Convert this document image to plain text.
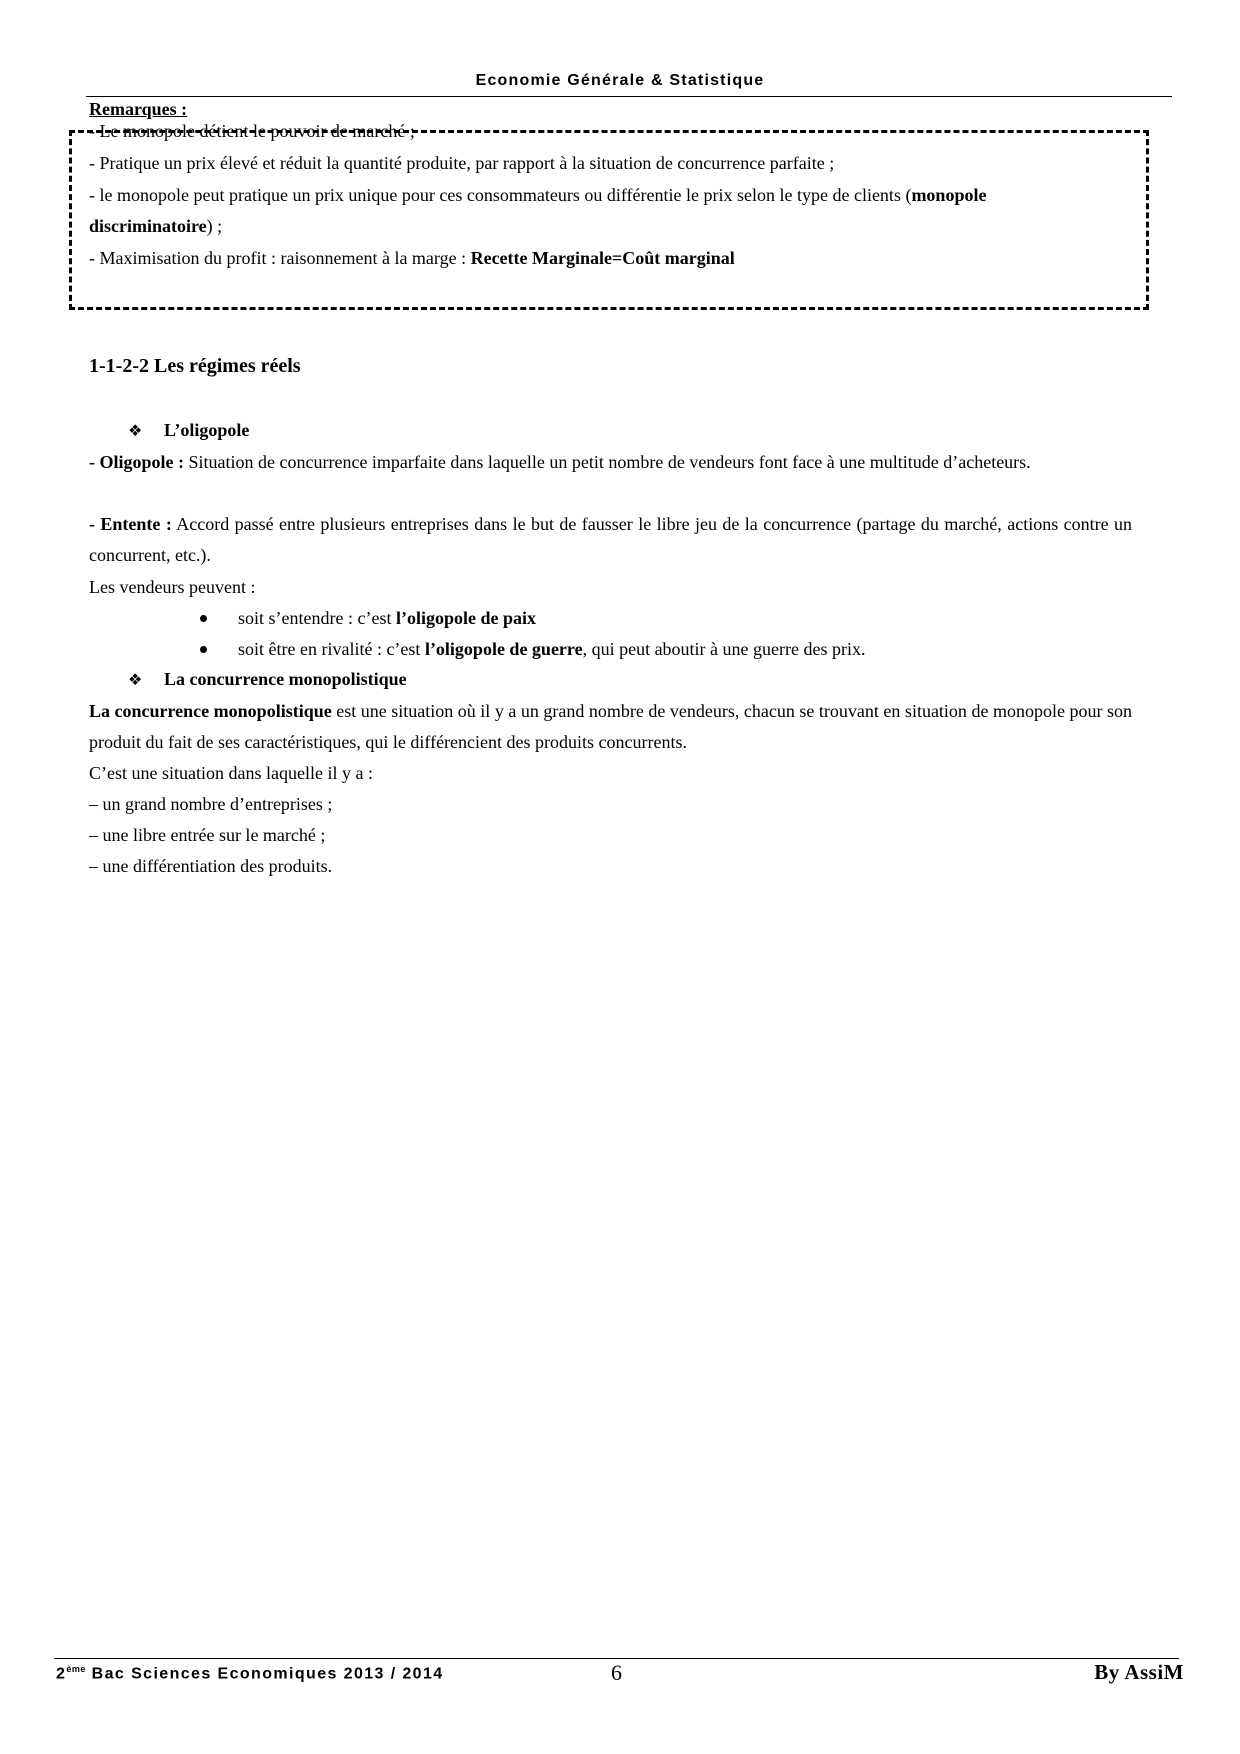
Economie Générale & Statistique
Remarques :
- Le monopole détient le pouvoir de marché ;
- Pratique un prix élevé et réduit la quantité produite, par rapport à la situation de concurrence parfaite ;
- le monopole peut pratique un prix unique pour ces consommateurs ou différentie le prix selon le type de clients (monopole
discriminatoire) ;
- Maximisation du profit : raisonnement à la marge : Recette Marginale=Coût marginal
1-1-2-2 Les régimes réels
❖ L’oligopole
- Oligopole : Situation de concurrence imparfaite dans laquelle un petit nombre de vendeurs font face à une multitude d’acheteurs.
- Entente : Accord passé entre plusieurs entreprises dans le but de fausser le libre jeu de la concurrence (partage du marché, actions contre un concurrent, etc.).
Les vendeurs peuvent :
soit s’entendre : c’est l’oligopole de paix
soit être en rivalité : c’est l’oligopole de guerre, qui peut aboutir à une guerre des prix.
❖ La concurrence monopolistique
La concurrence monopolistique est une situation où il y a un grand nombre de vendeurs, chacun se trouvant en situation de monopole pour son produit du fait de ses caractéristiques, qui le différencient des produits concurrents.
C’est une situation dans laquelle il y a :
– un grand nombre d’entreprises ;
– une libre entrée sur le marché ;
– une différentiation des produits.
2ème Bac Sciences Economiques 2013 / 2014	6	By AssiM
